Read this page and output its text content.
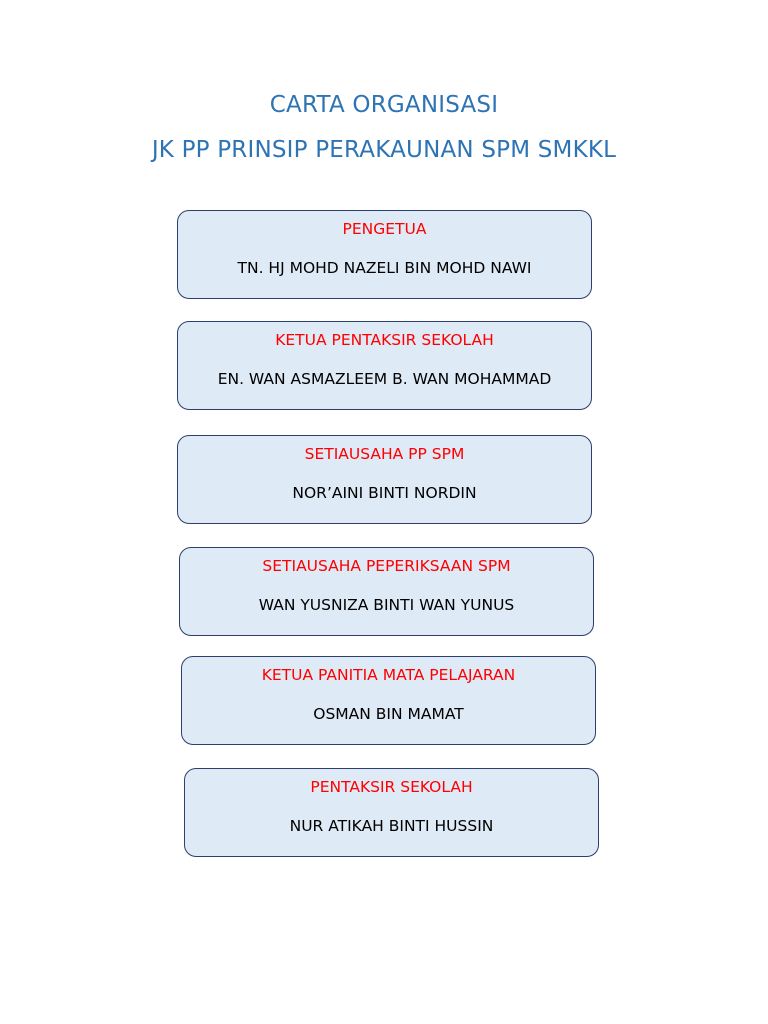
CARTA ORGANISASI
JK PP PRINSIP PERAKAUNAN SPM SMKKL
PENGETUA
TN. HJ MOHD NAZELI BIN MOHD NAWI
KETUA PENTAKSIR SEKOLAH
EN. WAN ASMAZLEEM B. WAN MOHAMMAD
SETIAUSAHA PP SPM
NOR’AINI BINTI NORDIN
SETIAUSAHA PEPERIKSAAN SPM
WAN YUSNIZA BINTI WAN YUNUS
KETUA PANITIA MATA PELAJARAN
OSMAN BIN MAMAT
PENTAKSIR SEKOLAH
NUR ATIKAH BINTI HUSSIN
